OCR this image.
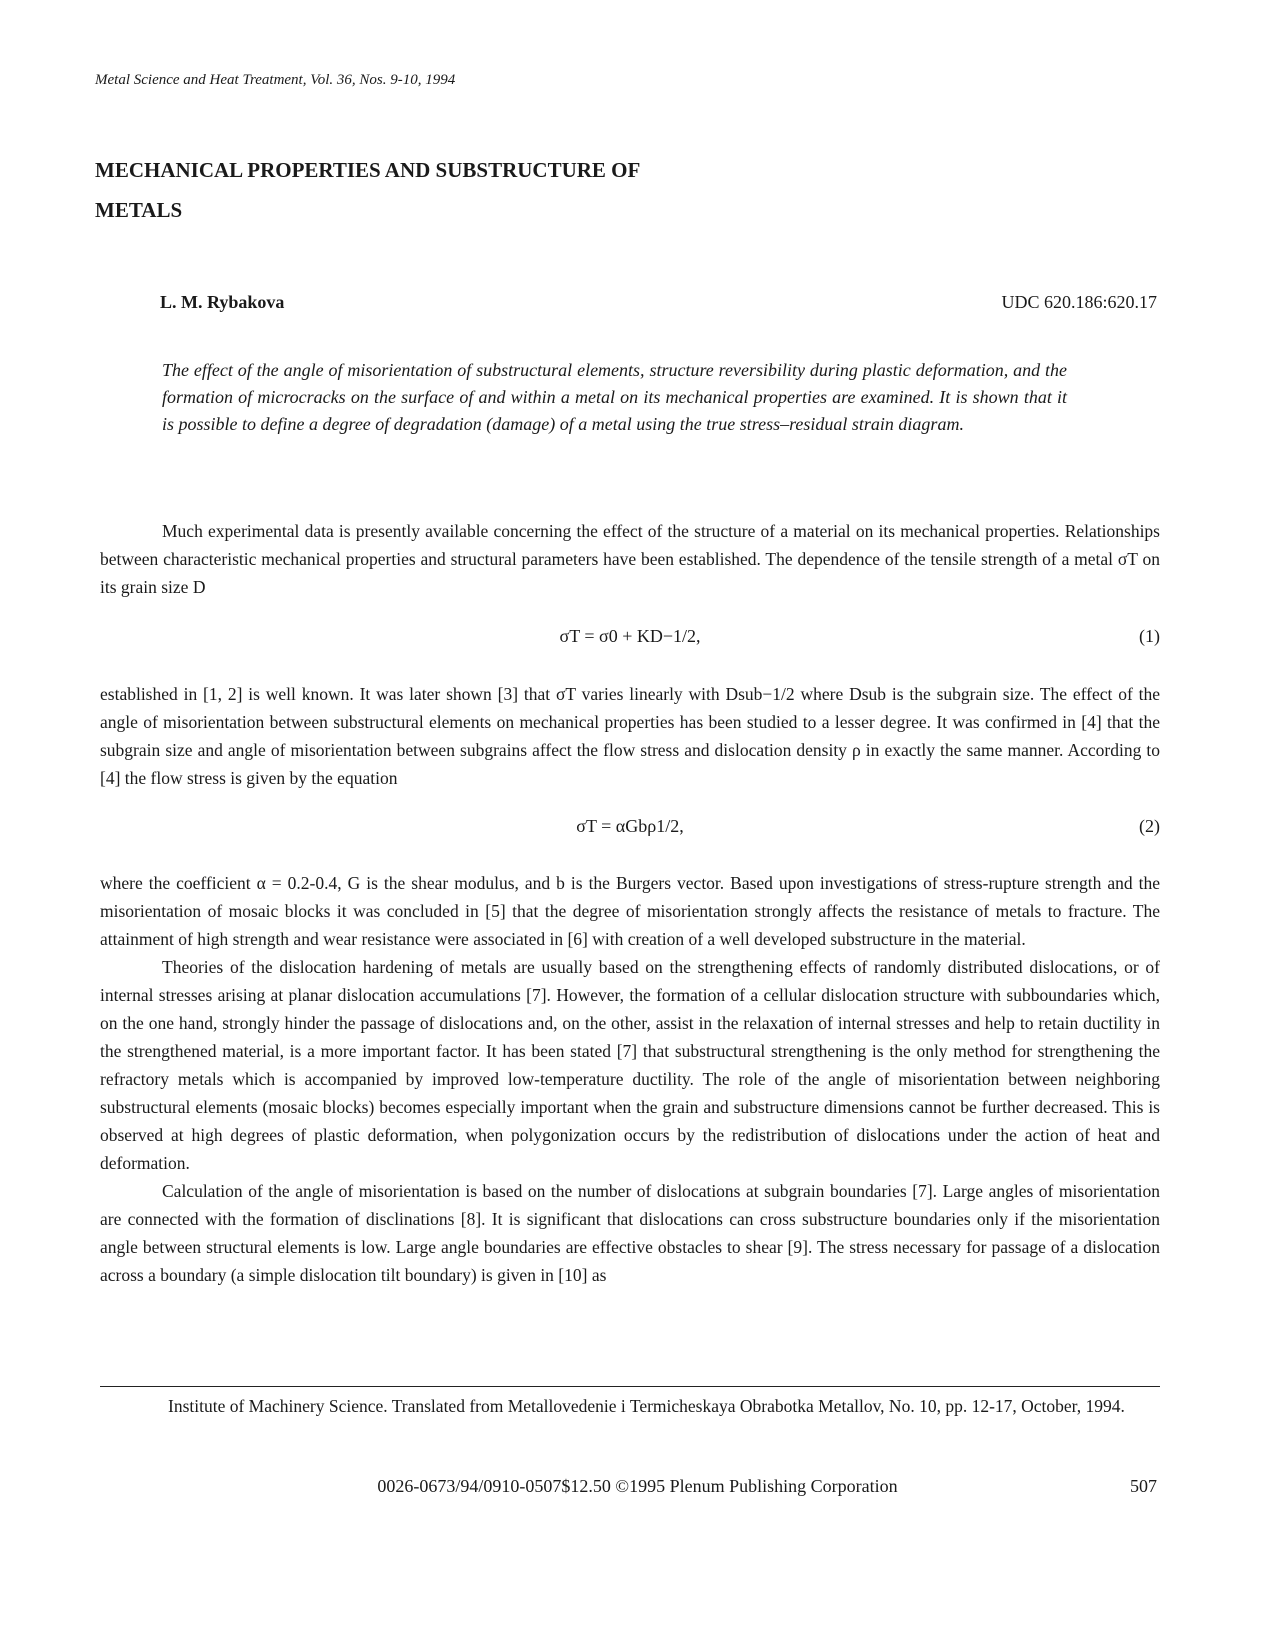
Metal Science and Heat Treatment, Vol. 36, Nos. 9-10, 1994
MECHANICAL PROPERTIES AND SUBSTRUCTURE OF
METALS
L. M. Rybakova	UDC 620.186:620.17
The effect of the angle of misorientation of substructural elements, structure reversibility during plastic deformation, and the formation of microcracks on the surface of and within a metal on its mechanical properties are examined. It is shown that it is possible to define a degree of degradation (damage) of a metal using the true stress–residual strain diagram.

Much experimental data is presently available concerning the effect of the structure of a material on its mechanical properties. Relationships between characteristic mechanical properties and structural parameters have been established. The dependence of the tensile strength of a metal σT on its grain size D

σT = σ0 + KD−1/2,	(1)

established in [1, 2] is well known. It was later shown [3] that σT varies linearly with Dsub−1/2 where Dsub is the subgrain size. The effect of the angle of misorientation between substructural elements on mechanical properties has been studied to a lesser degree. It was confirmed in [4] that the subgrain size and angle of misorientation between subgrains affect the flow stress and dislocation density ρ in exactly the same manner. According to [4] the flow stress is given by the equation

σT = αGbρ1/2,	(2)

where the coefficient α = 0.2-0.4, G is the shear modulus, and b is the Burgers vector. Based upon investigations of stress-rupture strength and the misorientation of mosaic blocks it was concluded in [5] that the degree of misorientation strongly affects the resistance of metals to fracture. The attainment of high strength and wear resistance were associated in [6] with creation of a well developed substructure in the material.

Theories of the dislocation hardening of metals are usually based on the strengthening effects of randomly distributed dislocations, or of internal stresses arising at planar dislocation accumulations [7]. However, the formation of a cellular dislocation structure with subboundaries which, on the one hand, strongly hinder the passage of dislocations and, on the other, assist in the relaxation of internal stresses and help to retain ductility in the strengthened material, is a more important factor. It has been stated [7] that substructural strengthening is the only method for strengthening the refractory metals which is accompanied by improved low-temperature ductility. The role of the angle of misorientation between neighboring substructural elements (mosaic blocks) becomes especially important when the grain and substructure dimensions cannot be further decreased. This is observed at high degrees of plastic deformation, when polygonization occurs by the redistribution of dislocations under the action of heat and deformation.

Calculation of the angle of misorientation is based on the number of dislocations at subgrain boundaries [7]. Large angles of misorientation are connected with the formation of disclinations [8]. It is significant that dislocations can cross substructure boundaries only if the misorientation angle between structural elements is low. Large angle boundaries are effective obstacles to shear [9]. The stress necessary for passage of a dislocation across a boundary (a simple dislocation tilt boundary) is given in [10] as

Institute of Machinery Science. Translated from Metallovedenie i Termicheskaya Obrabotka Metallov, No. 10, pp. 12-17, October, 1994.
0026-0673/94/0910-0507$12.50 ©1995 Plenum Publishing Corporation	507
